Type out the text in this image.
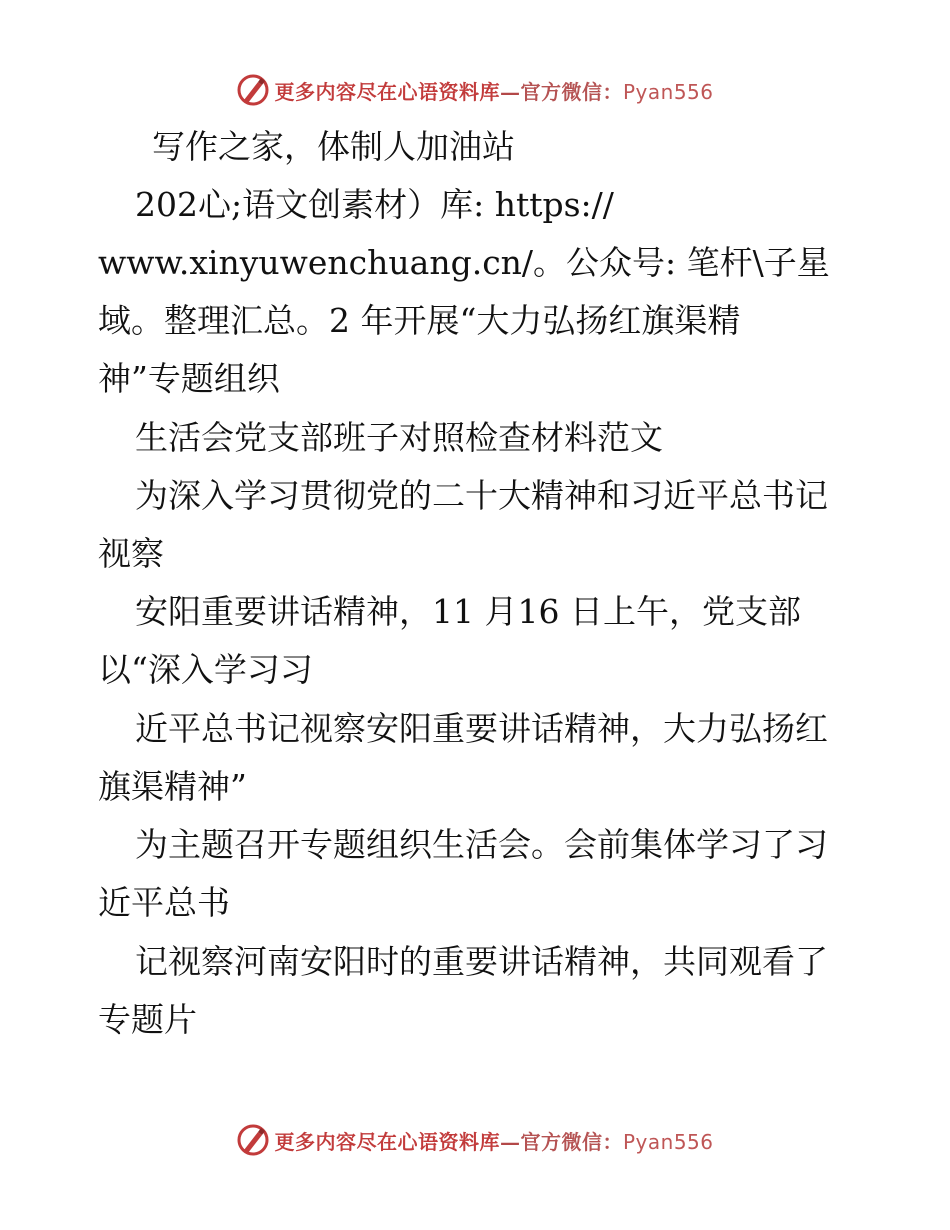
更多内容尽在心语资料库—官方微信：Pyan556
写作之家，体制人加油站
202心;语文创素材）库: https://
www.xinyuwenchuang.cn/。公众号: 笔杆\子星
域。整理汇总。2 年开展“大力弘扬红旗渠精
神”专题组织
生活会党支部班子对照检查材料范文
为深入学习贯彻党的二十大精神和习近平总书记
视察
安阳重要讲话精神，11 月16 日上午，党支部
以“深入学习习
近平总书记视察安阳重要讲话精神，大力弘扬红
旗渠精神”
为主题召开专题组织生活会。会前集体学习了习
近平总书
记视察河南安阳时的重要讲话精神，共同观看了
专题片
更多内容尽在心语资料库—官方微信：Pyan556
